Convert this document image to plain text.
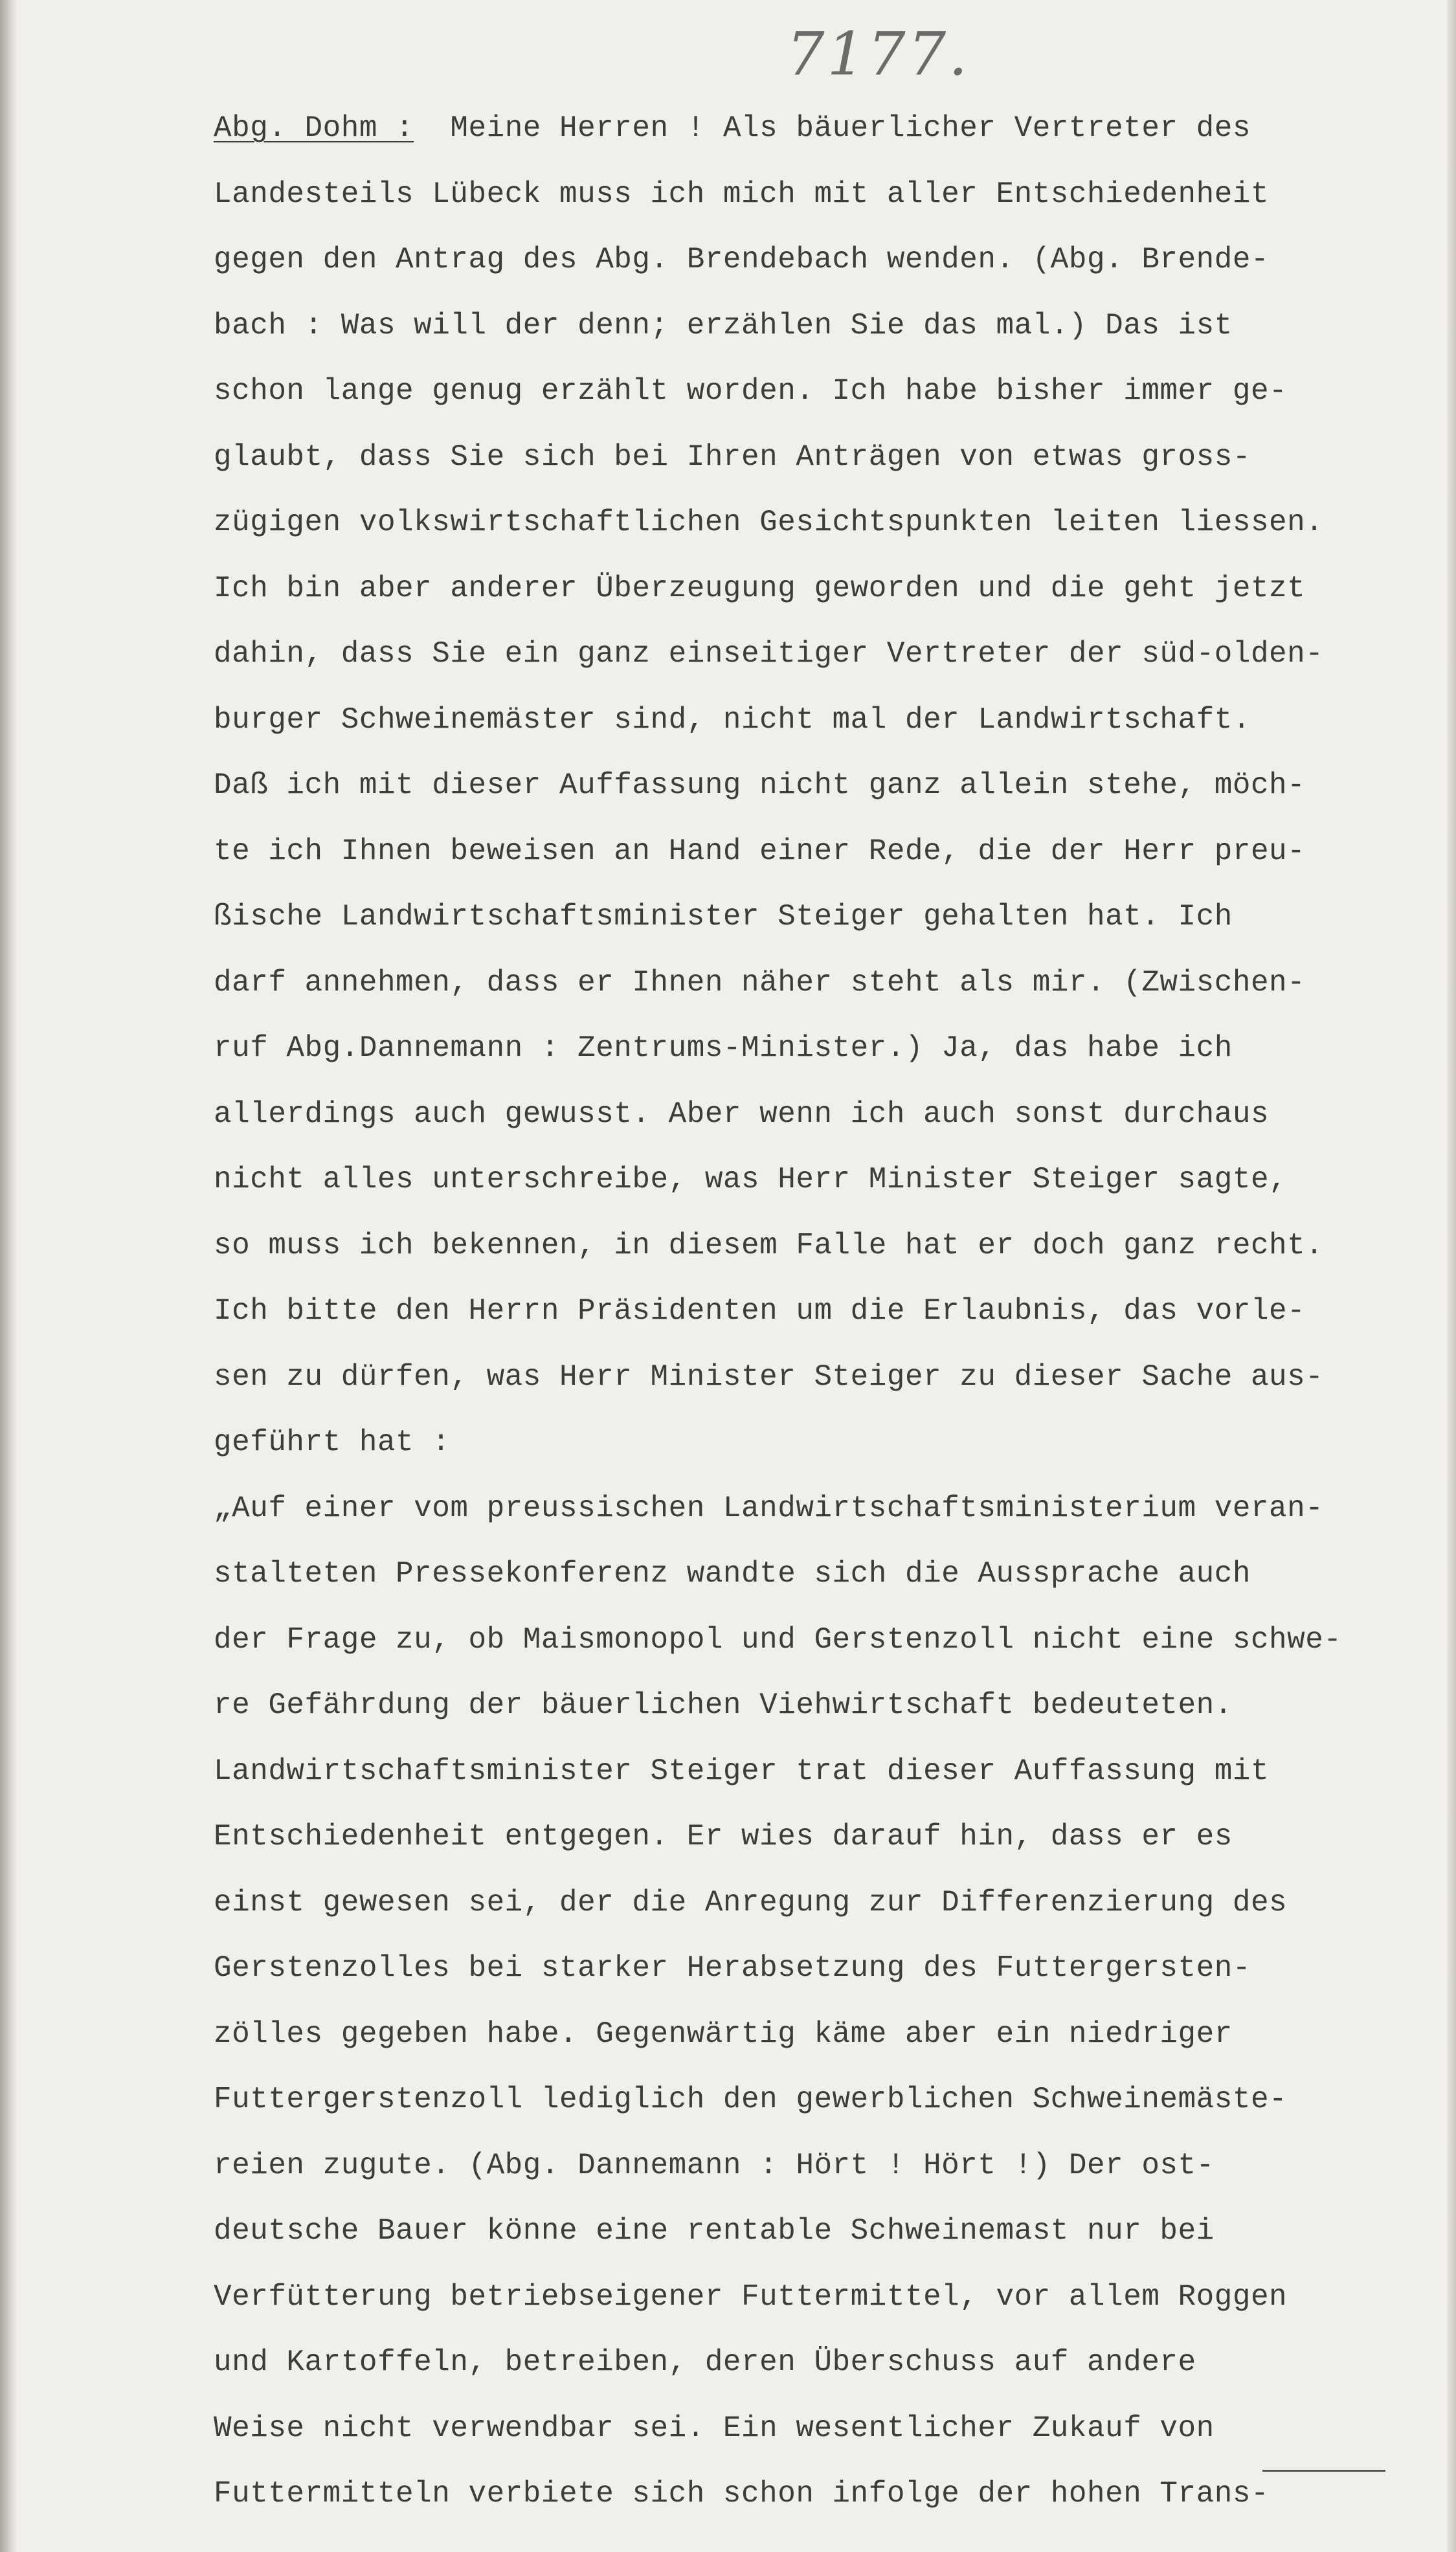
7177.
Abg. Dohm : Meine Herren ! Als bäuerlicher Vertreter des
Landesteils Lübeck muss ich mich mit aller Entschiedenheit
gegen den Antrag des Abg. Brendebach wenden. (Abg. Brende-
bach : Was will der denn; erzählen Sie das mal.) Das ist
schon lange genug erzählt worden. Ich habe bisher immer ge-
glaubt, dass Sie sich bei Ihren Anträgen von etwas gross-
zügigen volkswirtschaftlichen Gesichtspunkten leiten liessen.
Ich bin aber anderer Überzeugung geworden und die geht jetzt
dahin, dass Sie ein ganz einseitiger Vertreter der süd-olden-
burger Schweinemäster sind, nicht mal der Landwirtschaft.
Daß ich mit dieser Auffassung nicht ganz allein stehe, möch-
te ich Ihnen beweisen an Hand einer Rede, die der Herr preu-
ßische Landwirtschaftsminister Steiger gehalten hat. Ich
darf annehmen, dass er Ihnen näher steht als mir. (Zwischen-
ruf Abg.Dannemann : Zentrums-Minister.) Ja, das habe ich
allerdings auch gewusst. Aber wenn ich auch sonst durchaus
nicht alles unterschreibe, was Herr Minister Steiger sagte,
so muss ich bekennen, in diesem Falle hat er doch ganz recht.
Ich bitte den Herrn Präsidenten um die Erlaubnis, das vorle-
sen zu dürfen, was Herr Minister Steiger zu dieser Sache aus-
geführt hat :
„Auf einer vom preussischen Landwirtschaftsministerium veran-
stalteten Pressekonferenz wandte sich die Aussprache auch
der Frage zu, ob Maismonopol und Gerstenzoll nicht eine schwe-
re Gefährdung der bäuerlichen Viehwirtschaft bedeuteten.
Landwirtschaftsminister Steiger trat dieser Auffassung mit
Entschiedenheit entgegen. Er wies darauf hin, dass er es
einst gewesen sei, der die Anregung zur Differenzierung des
Gerstenzolles bei starker Herabsetzung des Futtergersten-
zölles gegeben habe. Gegenwärtig käme aber ein niedriger
Futtergerstenzoll lediglich den gewerblichen Schweinemäste-
reien zugute. (Abg. Dannemann : Hört ! Hört !) Der ost-
deutsche Bauer könne eine rentable Schweinemast nur bei
Verfütterung betriebseigener Futtermittel, vor allem Roggen
und Kartoffeln, betreiben, deren Überschuss auf andere
Weise nicht verwendbar sei. Ein wesentlicher Zukauf von
Futtermitteln verbiete sich schon infolge der hohen Trans-
